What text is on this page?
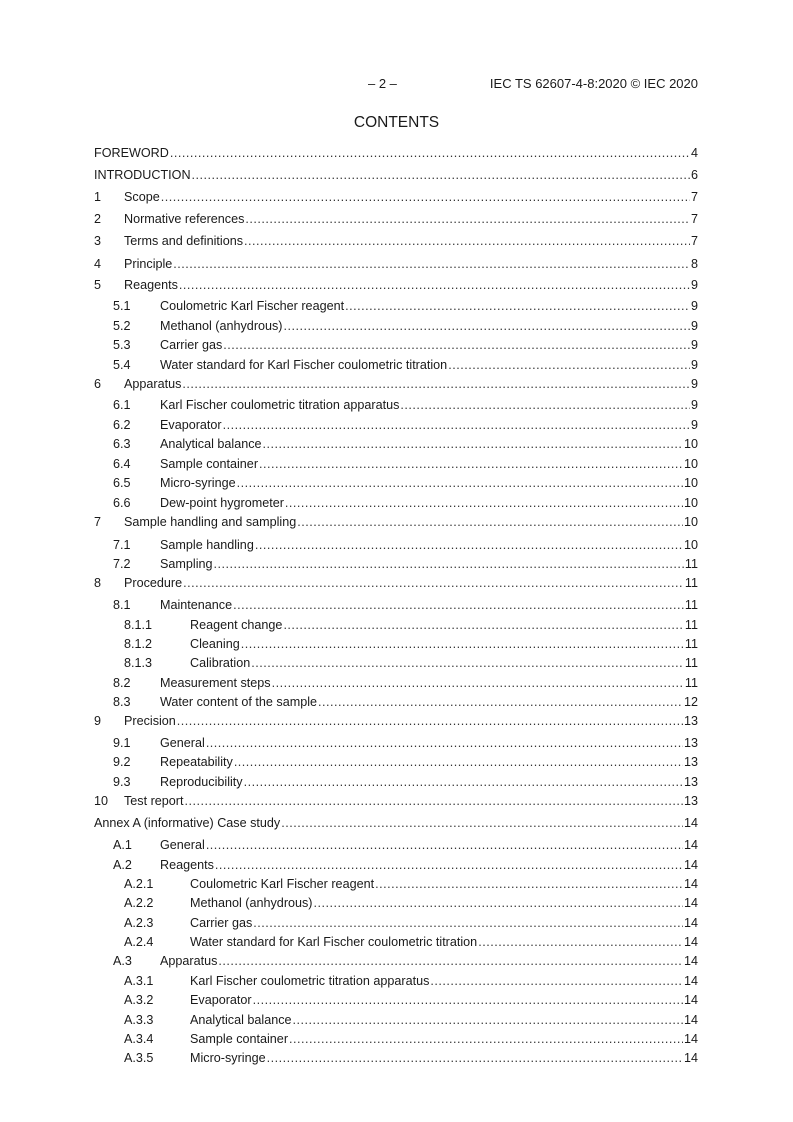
– 2 –	IEC TS 62607-4-8:2020 © IEC 2020
CONTENTS
FOREWORD .....	4
INTRODUCTION .....	6
1 Scope .....	7
2 Normative references .....	7
3 Terms and definitions .....	7
4 Principle .....	8
5 Reagents .....	9
5.1 Coulometric Karl Fischer reagent .....	9
5.2 Methanol (anhydrous) .....	9
5.3 Carrier gas .....	9
5.4 Water standard for Karl Fischer coulometric titration .....	9
6 Apparatus .....	9
6.1 Karl Fischer coulometric titration apparatus .....	9
6.2 Evaporator .....	9
6.3 Analytical balance .....	10
6.4 Sample container .....	10
6.5 Micro-syringe .....	10
6.6 Dew-point hygrometer .....	10
7 Sample handling and sampling .....	10
7.1 Sample handling .....	10
7.2 Sampling .....	11
8 Procedure .....	11
8.1 Maintenance .....	11
8.1.1	Reagent change .....	11
8.1.2	Cleaning .....	11
8.1.3	Calibration .....	11
8.2 Measurement steps .....	11
8.3 Water content of the sample .....	12
9 Precision .....	13
9.1 General .....	13
9.2 Repeatability .....	13
9.3 Reproducibility .....	13
10 Test report .....	13
Annex A (informative) Case study .....	14
A.1 General .....	14
A.2 Reagents .....	14
A.2.1	Coulometric Karl Fischer reagent .....	14
A.2.2	Methanol (anhydrous) .....	14
A.2.3	Carrier gas .....	14
A.2.4	Water standard for Karl Fischer coulometric titration .....	14
A.3 Apparatus .....	14
A.3.1	Karl Fischer coulometric titration apparatus .....	14
A.3.2	Evaporator .....	14
A.3.3	Analytical balance .....	14
A.3.4	Sample container .....	14
A.3.5	Micro-syringe .....	14
